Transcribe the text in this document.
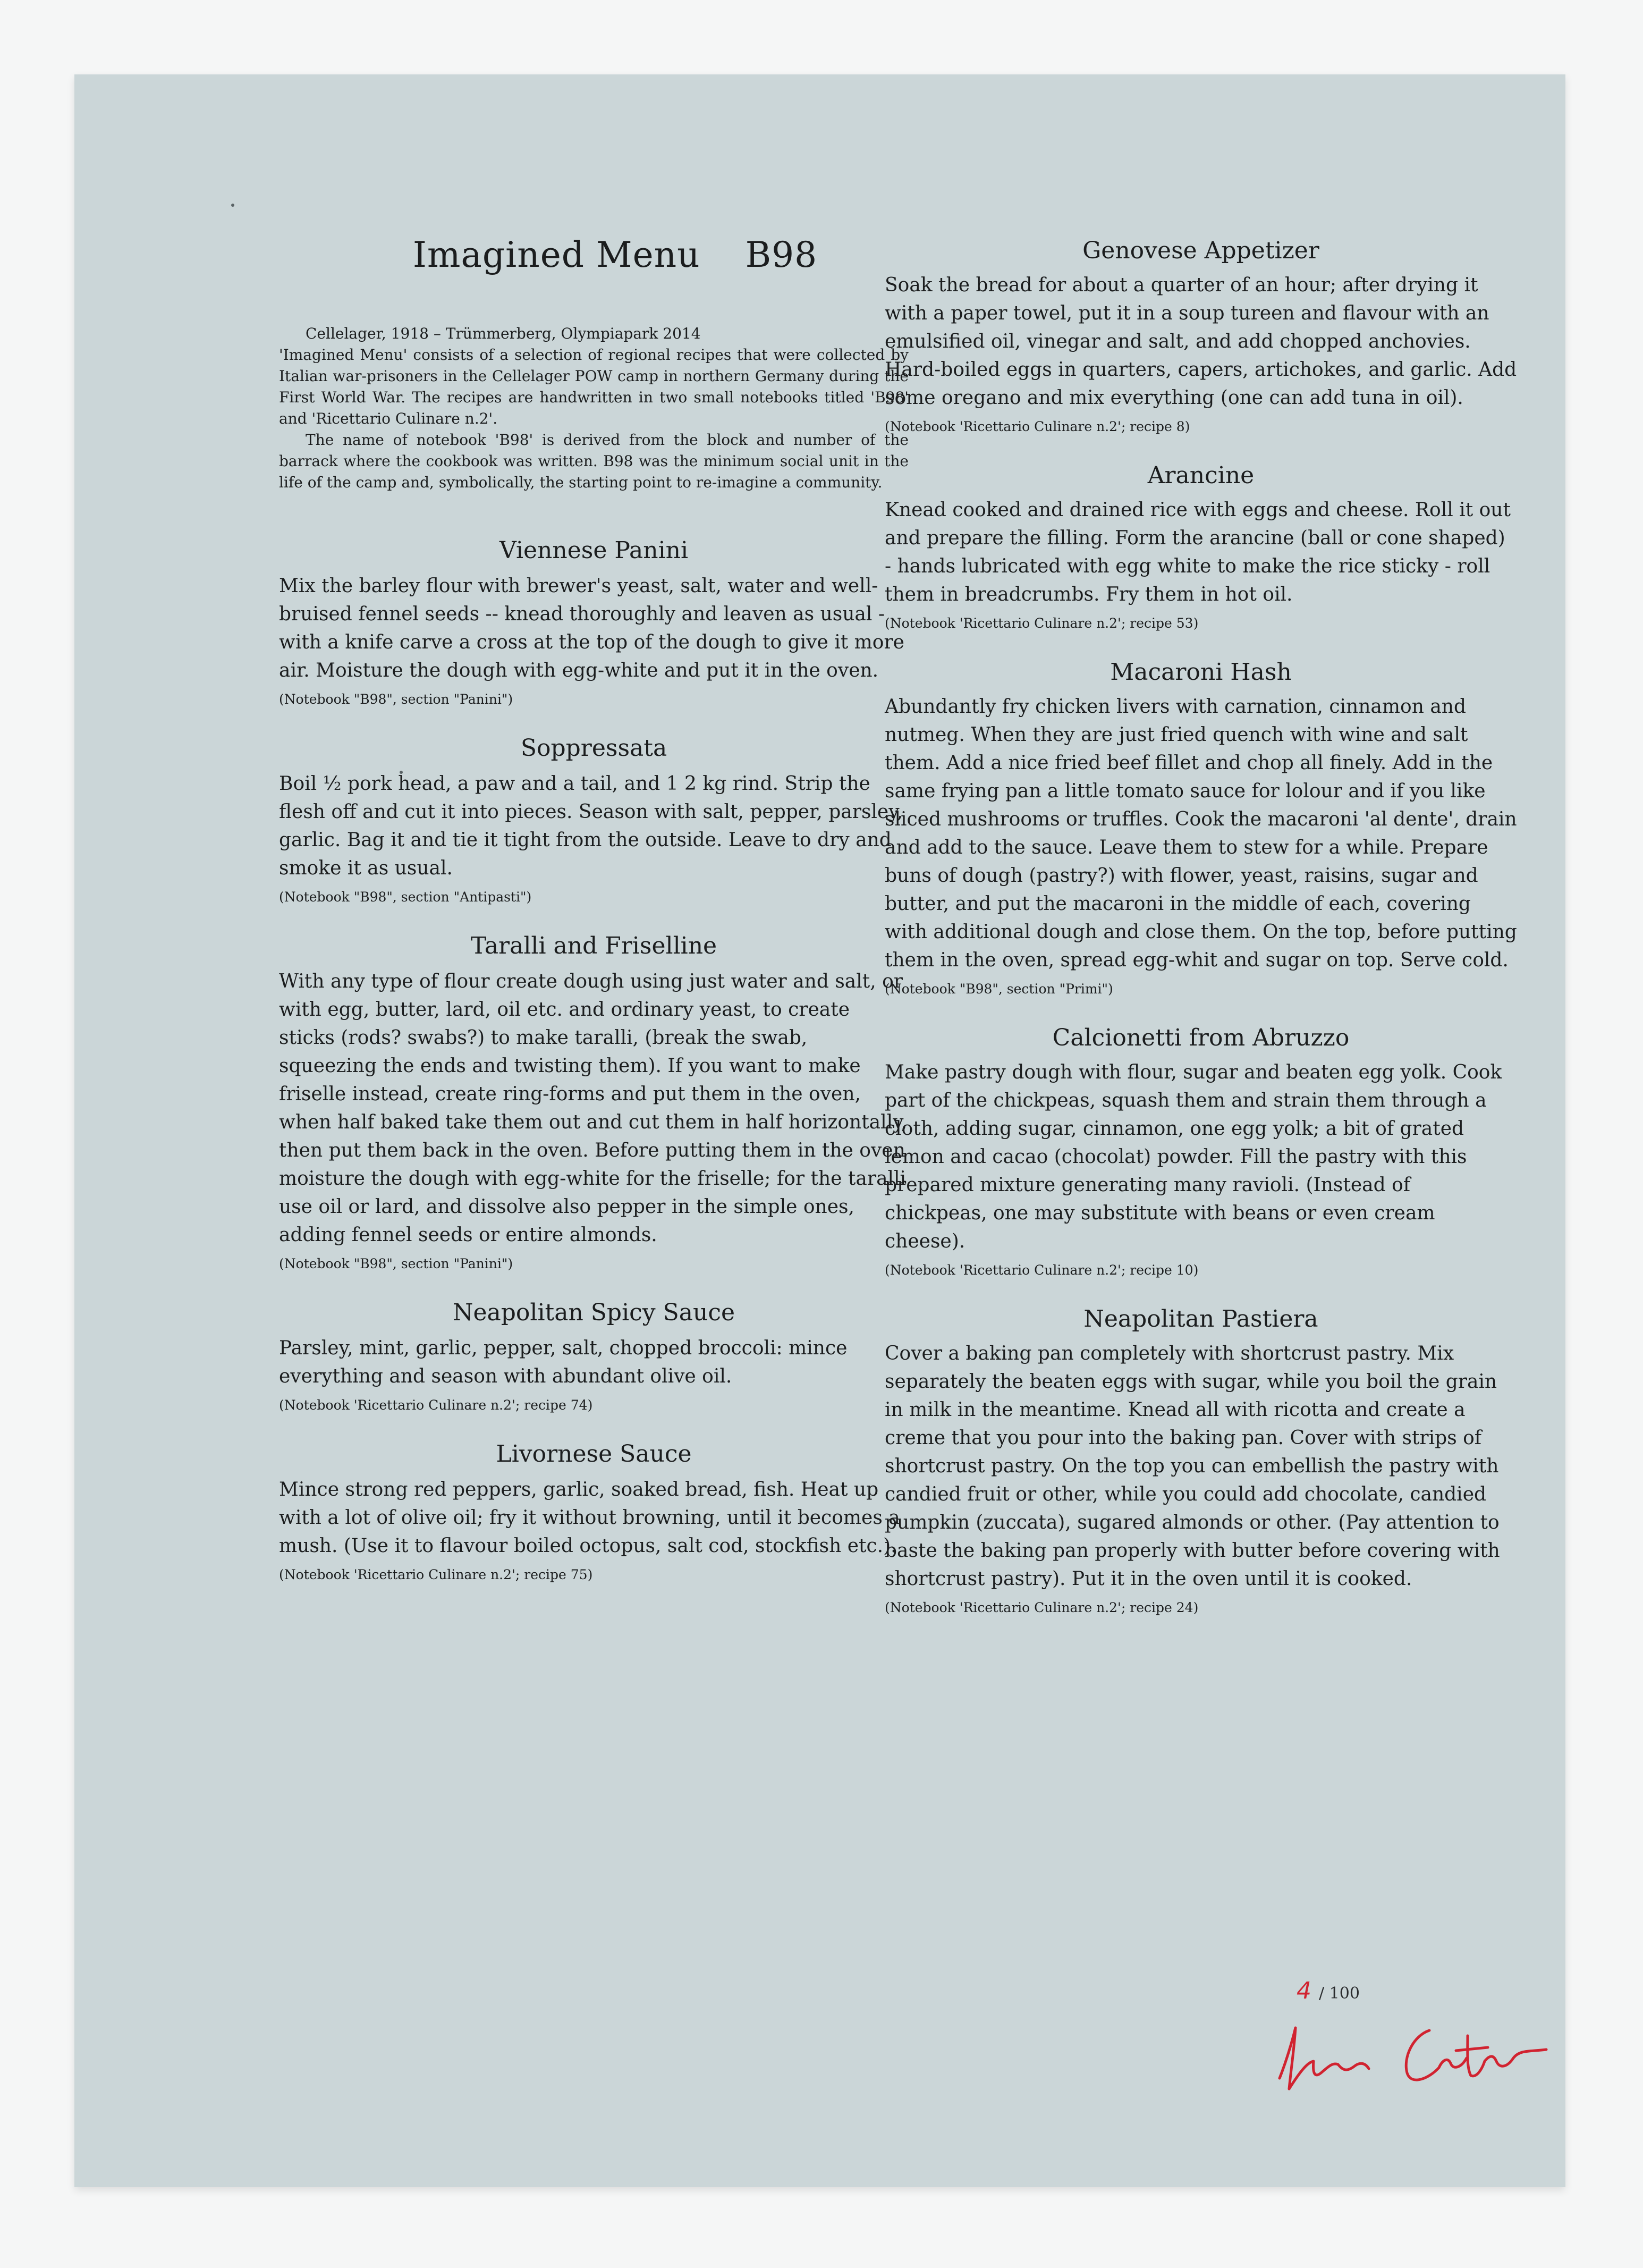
Imagined Menu B98

Cellelager, 1918 – Trümmerberg, Olympiapark 2014

'Imagined Menu' consists of a selection of regional recipes that were collected by Italian war-prisoners in the Cellelager POW camp in northern Germany during the First World War. The recipes are handwritten in two small notebooks titled 'B98' and 'Ricettario Culinare n.2'.

The name of notebook 'B98' is derived from the block and number of the barrack where the cookbook was written. B98 was the minimum social unit in the life of the camp and, symbolically, the starting point to re-imagine a community.

Viennese Panini

Mix the barley flour with brewer's yeast, salt, water and well-bruised fennel seeds -- knead thoroughly and leaven as usual - with a knife carve a cross at the top of the dough to give it more air. Moisture the dough with egg-white and put it in the oven.

(Notebook "B98", section "Panini")

Soppressata

Boil ½ pork head, a paw and a tail, and 1 2 kg rind. Strip the flesh off and cut it into pieces. Season with salt, pepper, parsley, garlic. Bag it and tie it tight from the outside. Leave to dry and smoke it as usual.

(Notebook "B98", section "Antipasti")

Taralli and Friselline

With any type of flour create dough using just water and salt, or with egg, butter, lard, oil etc. and ordinary yeast, to create sticks (rods? swabs?) to make taralli, (break the swab, squeezing the ends and twisting them). If you want to make friselle instead, create ring-forms and put them in the oven, when half baked take them out and cut them in half horizontally, then put them back in the oven. Before putting them in the oven moisture the dough with egg-white for the friselle; for the taralli use oil or lard, and dissolve also pepper in the simple ones, adding fennel seeds or entire almonds.

(Notebook "B98", section "Panini")

Neapolitan Spicy Sauce

Parsley, mint, garlic, pepper, salt, chopped broccoli: mince everything and season with abundant olive oil.

(Notebook 'Ricettario Culinare n.2'; recipe 74)

Livornese Sauce

Mince strong red peppers, garlic, soaked bread, fish. Heat up with a lot of olive oil; fry it without browning, until it becomes a mush. (Use it to flavour boiled octopus, salt cod, stockfish etc.).

(Notebook 'Ricettario Culinare n.2'; recipe 75)

Genovese Appetizer

Soak the bread for about a quarter of an hour; after drying it with a paper towel, put it in a soup tureen and flavour with an emulsified oil, vinegar and salt, and add chopped anchovies. Hard-boiled eggs in quarters, capers, artichokes, and garlic. Add some oregano and mix everything (one can add tuna in oil).

(Notebook 'Ricettario Culinare n.2'; recipe 8)

Arancine

Knead cooked and drained rice with eggs and cheese. Roll it out and prepare the filling. Form the arancine (ball or cone shaped) - hands lubricated with egg white to make the rice sticky - roll them in breadcrumbs. Fry them in hot oil.

(Notebook 'Ricettario Culinare n.2'; recipe 53)

Macaroni Hash

Abundantly fry chicken livers with carnation, cinnamon and nutmeg. When they are just fried quench with wine and salt them. Add a nice fried beef fillet and chop all finely. Add in the same frying pan a little tomato sauce for lolour and if you like sliced mushrooms or truffles. Cook the macaroni 'al dente', drain and add to the sauce. Leave them to stew for a while. Prepare buns of dough (pastry?) with flower, yeast, raisins, sugar and butter, and put the macaroni in the middle of each, covering with additional dough and close them. On the top, before putting them in the oven, spread egg-whit and sugar on top. Serve cold.

(Notebook "B98", section "Primi")

Calcionetti from Abruzzo

Make pastry dough with flour, sugar and beaten egg yolk. Cook part of the chickpeas, squash them and strain them through a cloth, adding sugar, cinnamon, one egg yolk; a bit of grated lemon and cacao (chocolat) powder. Fill the pastry with this prepared mixture generating many ravioli. (Instead of chickpeas, one may substitute with beans or even cream cheese).

(Notebook 'Ricettario Culinare n.2'; recipe 10)

Neapolitan Pastiera

Cover a baking pan completely with shortcrust pastry. Mix separately the beaten eggs with sugar, while you boil the grain in milk in the meantime. Knead all with ricotta and create a creme that you pour into the baking pan. Cover with strips of shortcrust pastry. On the top you can embellish the pastry with candied fruit or other, while you could add chocolate, candied pumpkin (zuccata), sugared almonds or other. (Pay attention to baste the baking pan properly with butter before covering with shortcrust pastry). Put it in the oven until it is cooked.

(Notebook 'Ricettario Culinare n.2'; recipe 24)

4 / 100
